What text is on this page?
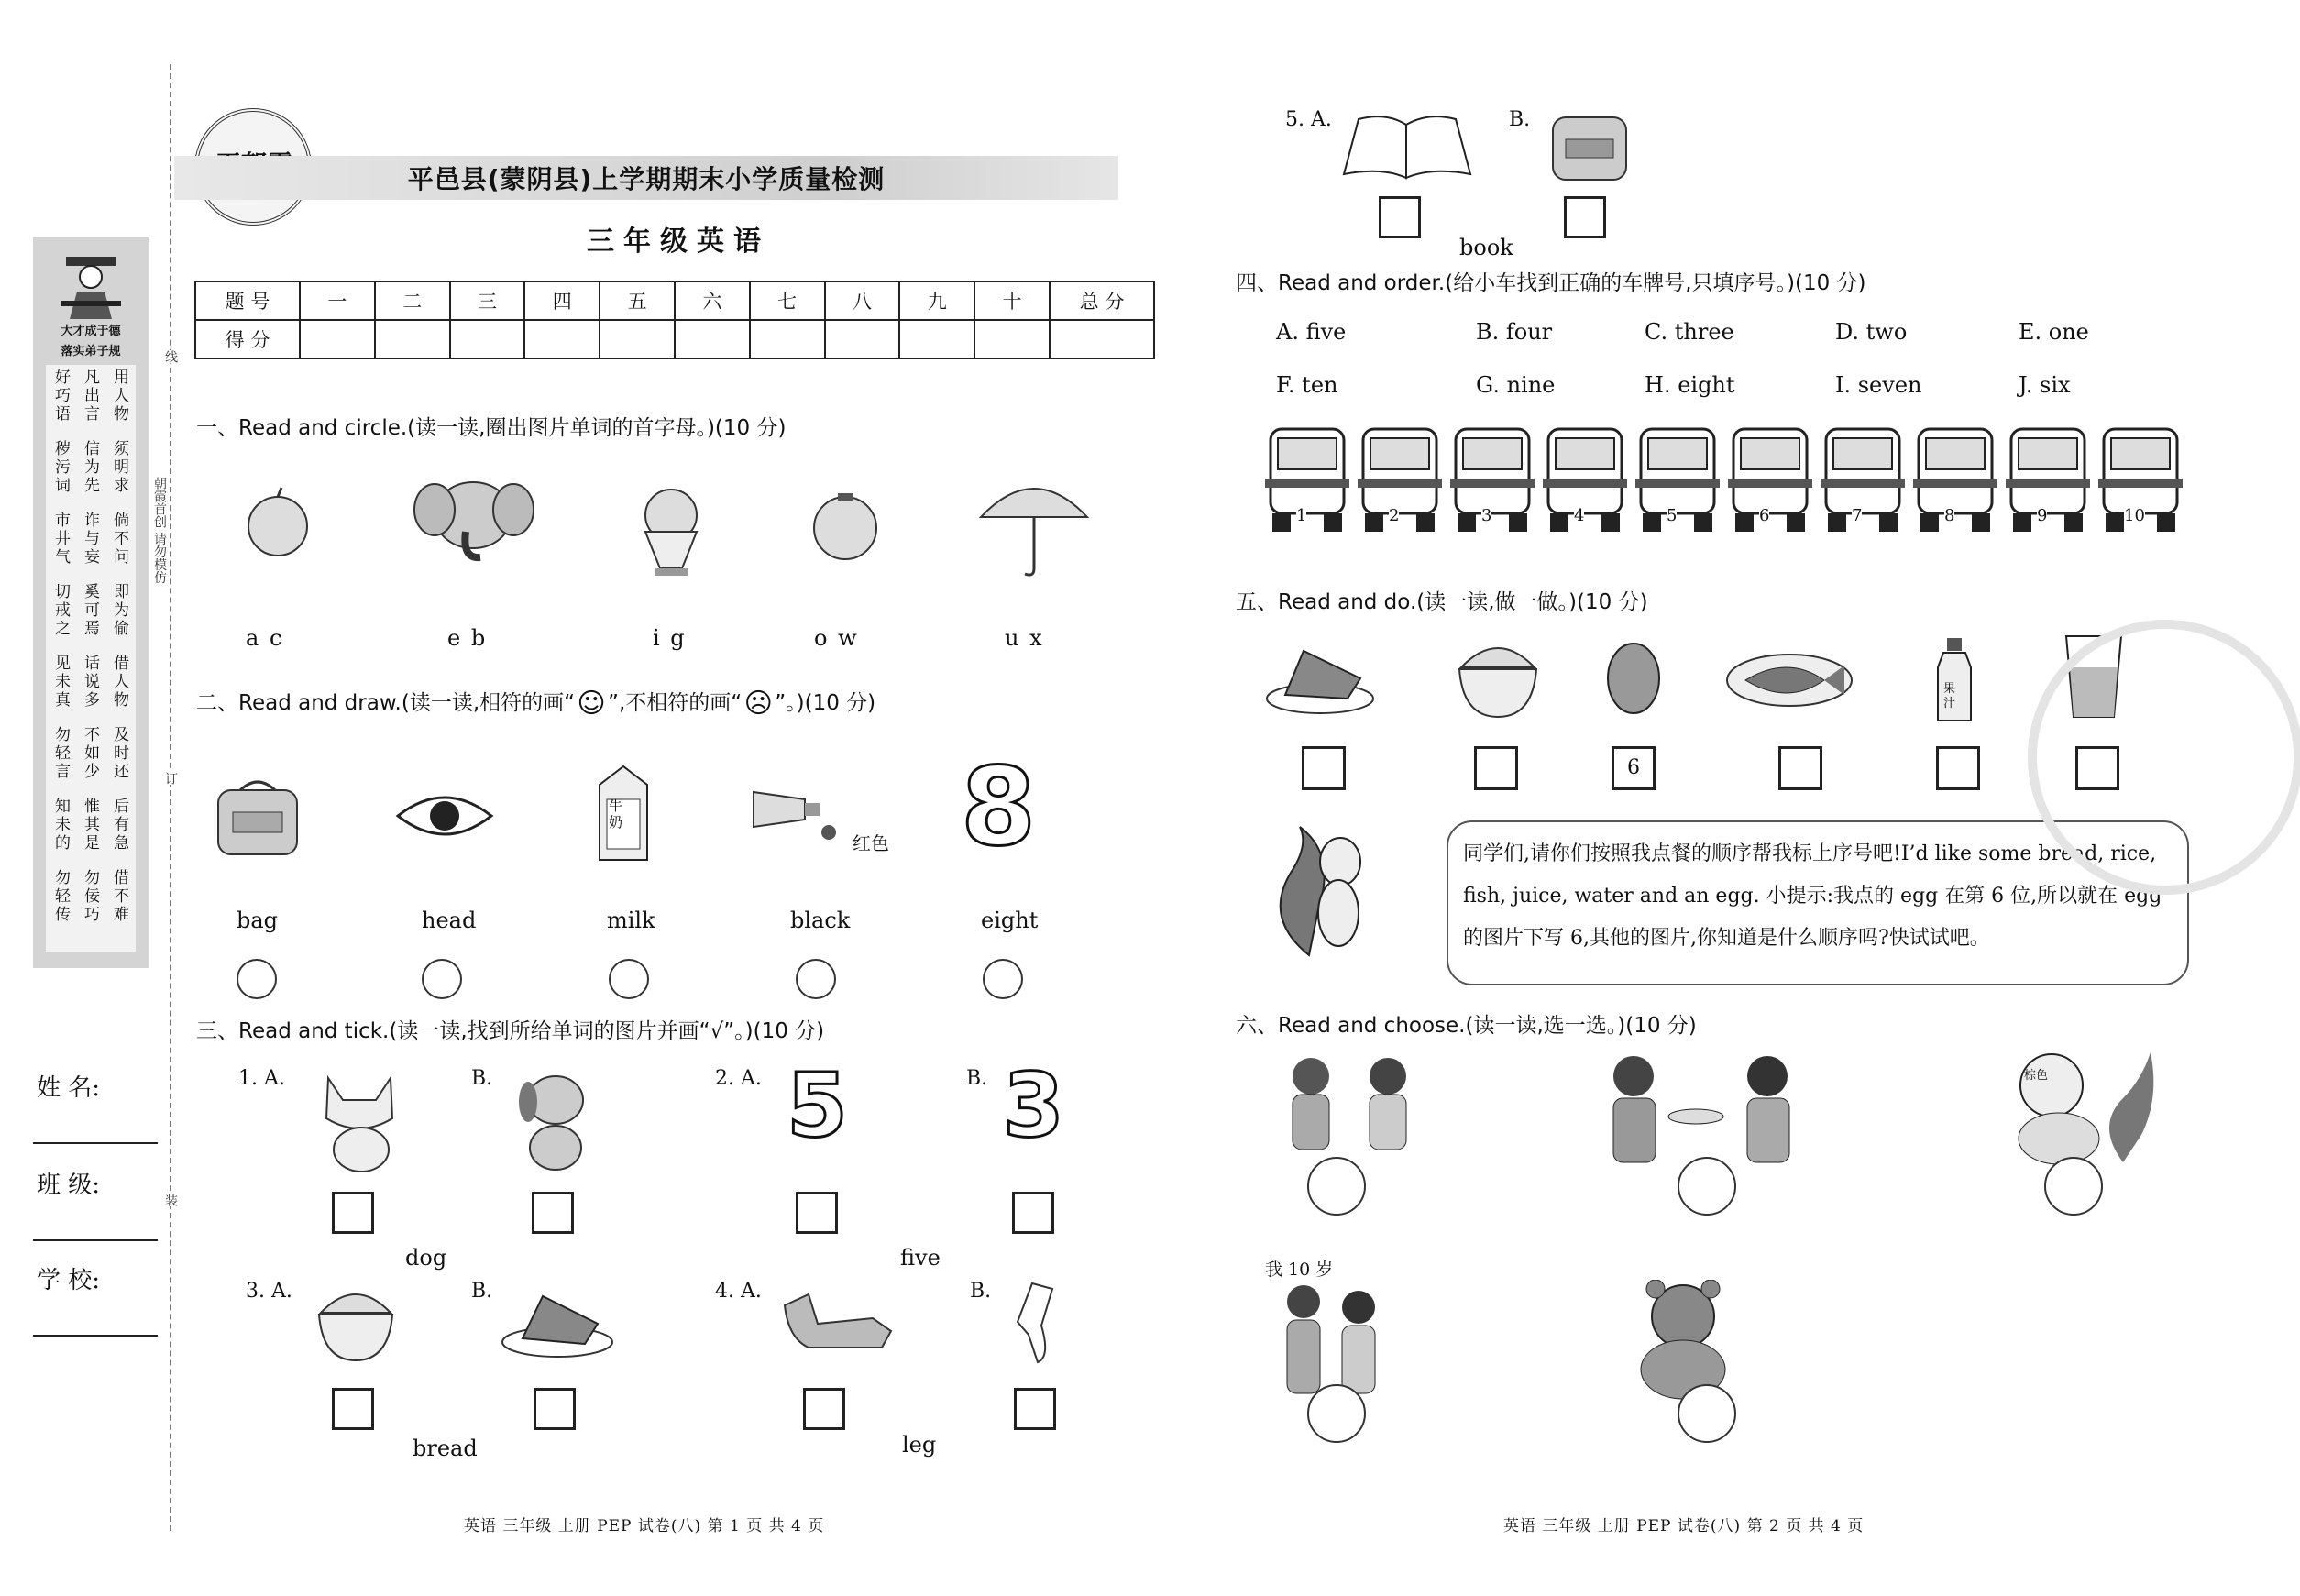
线
朝霞首创 请勿模仿
订
装
大才成于德
落实弟子规
好巧语 凡出言 用人物
秽污词 信为先 须明求
市井气 诈与妄 倘不问
切戒之 奚可焉 即为偷
见未真 话说多 借人物
勿轻言 不如少 及时还
知未的 惟其是 后有急
勿轻传 勿佞巧 借不难
姓 名:
班 级:
学 校:
平邑县(蒙阴县)上学期期末小学质量检测
三年级英语
题 号	一	二	三	四	五	六	七	八	九	十	总 分
得 分											
一、Read and circle.(读一读,圈出图片单词的首字母。)(10 分)
a c	e b	i g	o w	u x
二、Read and draw.(读一读,相符的画“☺ ”,不相符的画“☹ ”。)(10 分)
牛奶
红色 8
bag	head	milk	black	eight
三、Read and tick.(读一读,找到所给单词的图片并画“√”。)(10 分)
1. A.	B.	2. A. 5	B. 3
dog	five
3. A.	B.	4. A.	B.
bread	leg
英语 三年级 上册 PEP 试卷(八) 第 1 页 共 4 页
5. A.	B.
book
四、Read and order.(给小车找到正确的车牌号,只填序号。)(10 分)
A. five	B. four	C. three	D. two	E. one
F. ten	G. nine	H. eight	I. seven	J. six
1	2	3	4	5	6	7	8	9	10
五、Read and do.(读一读,做一做。)(10 分)
果汁
6
同学们,请你们按照我点餐的顺序帮我标上序号吧!I’d like some bread, rice, fish, juice, water and an egg. 小提示:我点的 egg 在第 6 位,所以就在 egg 的图片下写 6,其他的图片,你知道是什么顺序吗?快试试吧。
六、Read and choose.(读一读,选一选。)(10 分)
棕色
我 10 岁
英语 三年级 上册 PEP 试卷(八) 第 2 页 共 4 页
